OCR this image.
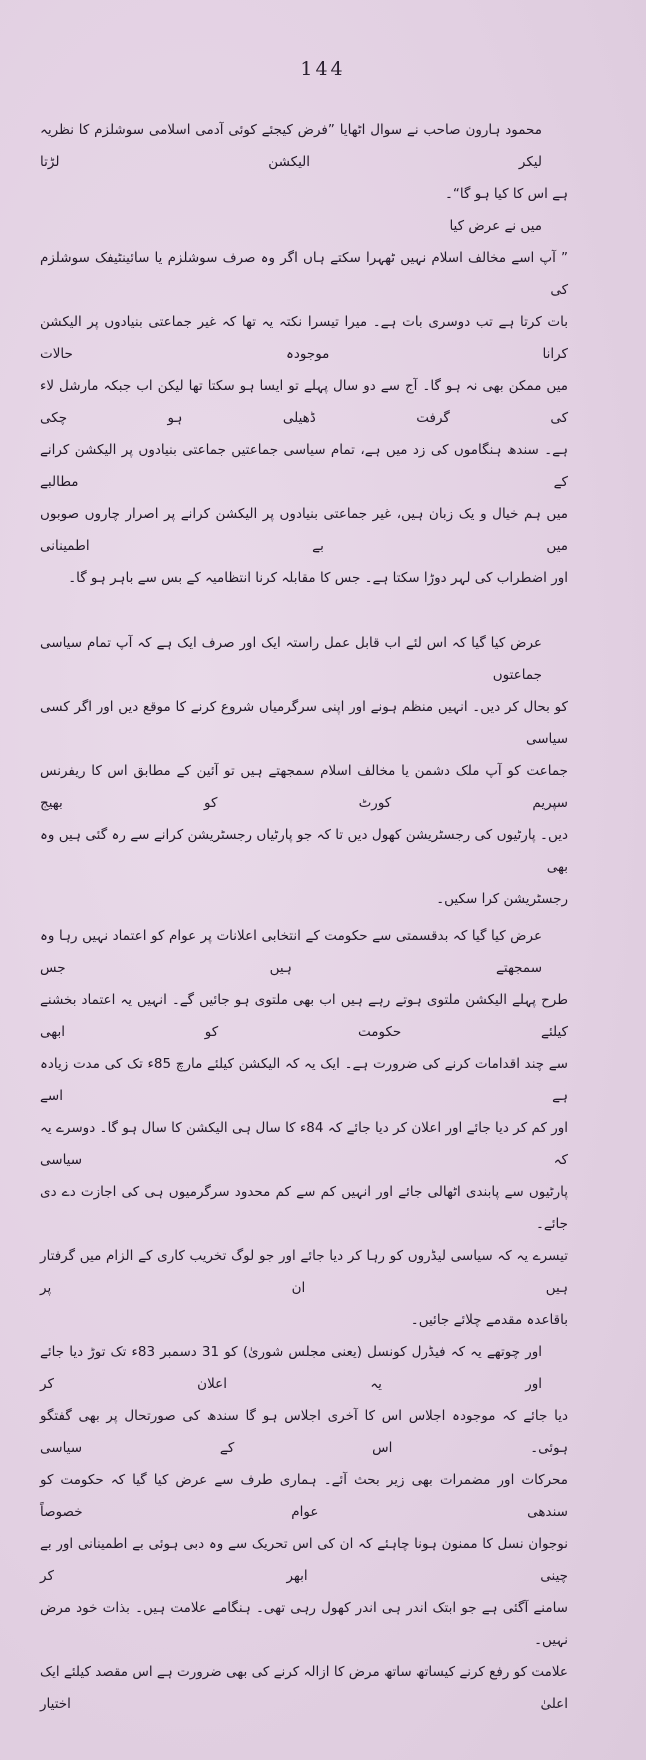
144
محمود ہارون صاحب نے سوال اٹھایا ”فرض کیجئے کوئی آدمی اسلامی سوشلزم کا نظریہ لیکر الیکشن لڑتا
ہے اس کا کیا ہو گا“۔
میں نے عرض کیا
” آپ اسے مخالف اسلام نہیں ٹھہرا سکتے ہاں اگر وہ صرف سوشلزم یا سائینٹیفک سوشلزم کی
بات کرتا ہے تب دوسری بات ہے۔ میرا تیسرا نکتہ یہ تھا کہ غیر جماعتی بنیادوں پر الیکشن کرانا موجودہ حالات
میں ممکن بھی نہ ہو گا۔ آج سے دو سال پہلے تو ایسا ہو سکتا تھا لیکن اب جبکہ مارشل لاء کی گرفت ڈھیلی ہو چکی
ہے۔ سندھ ہنگاموں کی زد میں ہے، تمام سیاسی جماعتیں جماعتی بنیادوں پر الیکشن کرانے کے مطالبے
میں ہم خیال و یک زبان ہیں، غیر جماعتی بنیادوں پر الیکشن کرانے پر اصرار چاروں صوبوں میں بے اطمینانی
اور اضطراب کی لہر دوڑا سکتا ہے۔ جس کا مقابلہ کرنا انتظامیہ کے بس سے باہر ہو گا۔
عرض کیا گیا کہ اس لئے اب قابل عمل راستہ ایک اور صرف ایک ہے کہ آپ تمام سیاسی جماعتوں
کو بحال کر دیں۔ انہیں منظم ہونے اور اپنی سرگرمیاں شروع کرنے کا موقع دیں اور اگر کسی سیاسی
جماعت کو آپ ملک دشمن یا مخالف اسلام سمجھتے ہیں تو آئین کے مطابق اس کا ریفرنس سپریم کورٹ کو بھیج
دیں۔ پارٹیوں کی رجسٹریشن کھول دیں تا کہ جو پارٹیاں رجسٹریشن کرانے سے رہ گئی ہیں وہ بھی
رجسٹریشن کرا سکیں۔
عرض کیا گیا کہ بدقسمتی سے حکومت کے انتخابی اعلانات پر عوام کو اعتماد نہیں رہا وہ سمجھتے ہیں جس
طرح پہلے الیکشن ملتوی ہوتے رہے ہیں اب بھی ملتوی ہو جائیں گے۔ انہیں یہ اعتماد بخشنے کیلئے حکومت کو ابھی
سے چند اقدامات کرنے کی ضرورت ہے۔ ایک یہ کہ الیکشن کیلئے مارچ 85ء تک کی مدت زیادہ ہے اسے
اور کم کر دیا جائے اور اعلان کر دیا جائے کہ 84ء کا سال ہی الیکشن کا سال ہو گا۔ دوسرے یہ کہ سیاسی
پارٹیوں سے پابندی اٹھالی جائے اور انہیں کم سے کم محدود سرگرمیوں ہی کی اجازت دے دی جائے۔
تیسرے یہ کہ سیاسی لیڈروں کو رہا کر دیا جائے اور جو لوگ تخریب کاری کے الزام میں گرفتار ہیں ان پر
باقاعدہ مقدمے چلائے جائیں۔
اور چوتھے یہ کہ فیڈرل کونسل (یعنی مجلس شوریٰ) کو 31 دسمبر 83ء تک توڑ دیا جائے اور یہ اعلان کر
دیا جائے کہ موجودہ اجلاس اس کا آخری اجلاس ہو گا سندھ کی صورتحال پر بھی گفتگو ہوئی۔ اس کے سیاسی
محرکات اور مضمرات بھی زیر بحث آئے۔ ہماری طرف سے عرض کیا گیا کہ حکومت کو سندھی عوام خصوصاً
نوجوان نسل کا ممنون ہونا چاہئے کہ ان کی اس تحریک سے وہ دبی ہوئی بے اطمینانی اور بے چینی ابھر کر
سامنے آگئی ہے جو ابتک اندر ہی اندر کھول رہی تھی۔ ہنگامے علامت ہیں۔ بذات خود مرض نہیں۔
علامت کو رفع کرنے کیساتھ ساتھ مرض کا ازالہ کرنے کی بھی ضرورت ہے اس مقصد کیلئے ایک اعلیٰ اختیار
